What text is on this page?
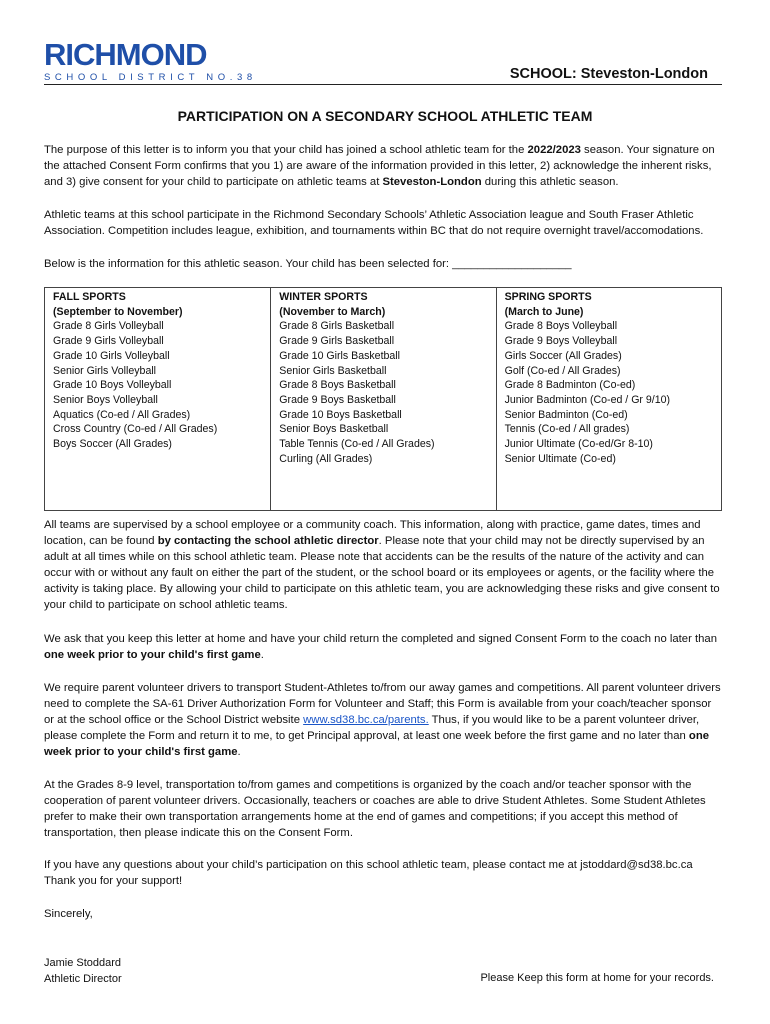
RICHMOND
SCHOOL DISTRICT NO.38	SCHOOL: Steveston-London
PARTICIPATION ON A SECONDARY SCHOOL ATHLETIC TEAM

The purpose of this letter is to inform you that your child has joined a school athletic team for the 2022/2023 season. Your signature on the attached Consent Form confirms that you 1) are aware of the information provided in this letter, 2) acknowledge the inherent risks, and 3) give consent for your child to participate on athletic teams at Steveston-London during this athletic season.

Athletic teams at this school participate in the Richmond Secondary Schools’ Athletic Association league and South Fraser Athletic Association. Competition includes league, exhibition, and tournaments within BC that do not require overnight travel/accomodations.

Below is the information for this athletic season. Your child has been selected for: ___________________

FALL SPORTS
(September to November)
Grade 8 Girls Volleyball
Grade 9 Girls Volleyball
Grade 10 Girls Volleyball
Senior Girls Volleyball
Grade 10 Boys Volleyball
Senior Boys Volleyball
Aquatics (Co-ed / All Grades)
Cross Country (Co-ed / All Grades)
Boys Soccer (All Grades)
WINTER SPORTS
(November to March)
Grade 8 Girls Basketball
Grade 9 Girls Basketball
Grade 10 Girls Basketball
Senior Girls Basketball
Grade 8 Boys Basketball
Grade 9 Boys Basketball
Grade 10 Boys Basketball
Senior Boys Basketball
Table Tennis (Co-ed / All Grades)
Curling (All Grades)
SPRING SPORTS
(March to June)
Grade 8 Boys Volleyball
Grade 9 Boys Volleyball
Girls Soccer (All Grades)
Golf (Co-ed / All Grades)
Grade 8 Badminton (Co-ed)
Junior Badminton (Co-ed / Gr 9/10)
Senior Badminton (Co-ed)
Tennis (Co-ed / All grades)
Junior Ultimate (Co-ed/Gr 8-10)
Senior Ultimate (Co-ed)

All teams are supervised by a school employee or a community coach. This information, along with practice, game dates, times and location, can be found by contacting the school athletic director. Please note that your child may not be directly supervised by an adult at all times while on this school athletic team. Please note that accidents can be the results of the nature of the activity and can occur with or without any fault on either the part of the student, or the school board or its employees or agents, or the facility where the activity is taking place. By allowing your child to participate on this athletic team, you are acknowledging these risks and give consent to your child to participate on school athletic teams.

We ask that you keep this letter at home and have your child return the completed and signed Consent Form to the coach no later than one week prior to your child's first game.

We require parent volunteer drivers to transport Student-Athletes to/from our away games and competitions. All parent volunteer drivers need to complete the SA-61 Driver Authorization Form for Volunteer and Staff; this Form is available from your coach/teacher sponsor or at the school office or the School District website www.sd38.bc.ca/parents. Thus, if you would like to be a parent volunteer driver, please complete the Form and return it to me, to get Principal approval, at least one week before the first game and no later than one week prior to your child's first game.

At the Grades 8-9 level, transportation to/from games and competitions is organized by the coach and/or teacher sponsor with the cooperation of parent volunteer drivers. Occasionally, teachers or coaches are able to drive Student Athletes. Some Student Athletes prefer to make their own transportation arrangements home at the end of games and competitions; if you accept this method of transportation, then please indicate this on the Consent Form.

If you have any questions about your child’s participation on this school athletic team, please contact me at jstoddard@sd38.bc.ca
Thank you for your support!

Sincerely,

Jamie Stoddard
Athletic Director	Please Keep this form at home for your records.
